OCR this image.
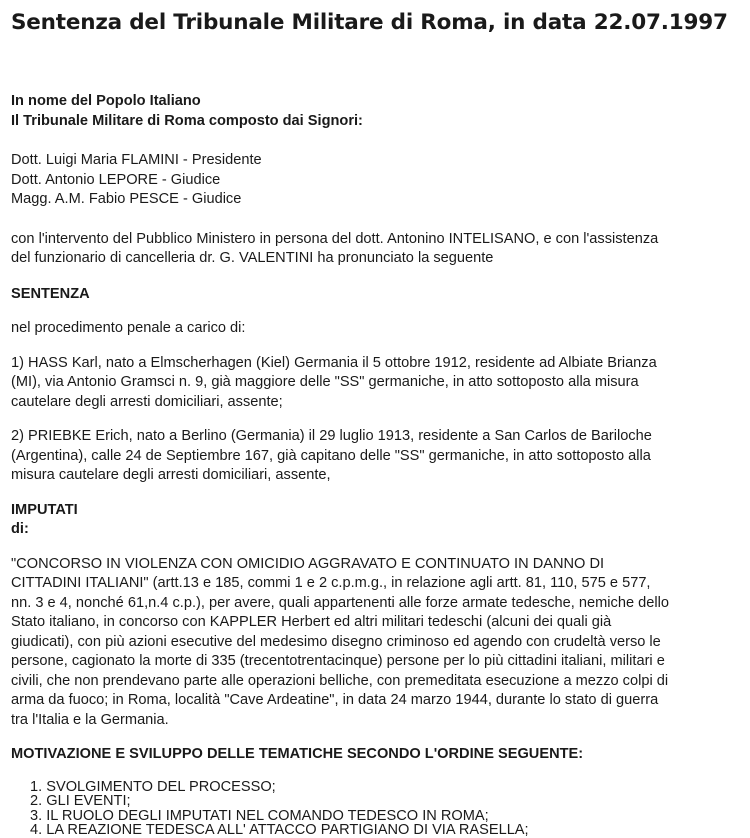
Sentenza del Tribunale Militare di Roma, in data 22.07.1997

In nome del Popolo Italiano
Il Tribunale Militare di Roma composto dai Signori:

Dott. Luigi Maria FLAMINI - Presidente
Dott. Antonio LEPORE - Giudice
Magg. A.M. Fabio PESCE - Giudice

con l'intervento del Pubblico Ministero in persona del dott. Antonino INTELISANO, e con l'assistenza
del funzionario di cancelleria dr. G. VALENTINI ha pronunciato la seguente

SENTENZA

nel procedimento penale a carico di:

1) HASS Karl, nato a Elmscherhagen (Kiel) Germania il 5 ottobre 1912, residente ad Albiate Brianza
(MI), via Antonio Gramsci n. 9, già maggiore delle "SS" germaniche, in atto sottoposto alla misura
cautelare degli arresti domiciliari, assente;

2) PRIEBKE Erich, nato a Berlino (Germania) il 29 luglio 1913, residente a San Carlos de Bariloche
(Argentina), calle 24 de Septiembre 167, già capitano delle "SS" germaniche, in atto sottoposto alla
misura cautelare degli arresti domiciliari, assente,

IMPUTATI
di:

"CONCORSO IN VIOLENZA CON OMICIDIO AGGRAVATO E CONTINUATO IN DANNO DI
CITTADINI ITALIANI" (artt.13 e 185, commi 1 e 2 c.p.m.g., in relazione agli artt. 81, 110, 575 e 577,
nn. 3 e 4, nonché 61,n.4 c.p.), per avere, quali appartenenti alle forze armate tedesche, nemiche dello
Stato italiano, in concorso con KAPPLER Herbert ed altri militari tedeschi (alcuni dei quali già
giudicati), con più azioni esecutive del medesimo disegno criminoso ed agendo con crudeltà verso le
persone, cagionato la morte di 335 (trecentotrentacinque) persone per lo più cittadini italiani, militari e
civili, che non prendevano parte alle operazioni belliche, con premeditata esecuzione a mezzo colpi di
arma da fuoco; in Roma, località "Cave Ardeatine", in data 24 marzo 1944, durante lo stato di guerra
tra l'Italia e la Germania.

MOTIVAZIONE E SVILUPPO DELLE TEMATICHE SECONDO L'ORDINE SEGUENTE:

1. SVOLGIMENTO DEL PROCESSO;
2. GLI EVENTI;
3. IL RUOLO DEGLI IMPUTATI NEL COMANDO TEDESCO IN ROMA;
4. LA REAZIONE TEDESCA ALL' ATTACCO PARTIGIANO DI VIA RASELLA;
